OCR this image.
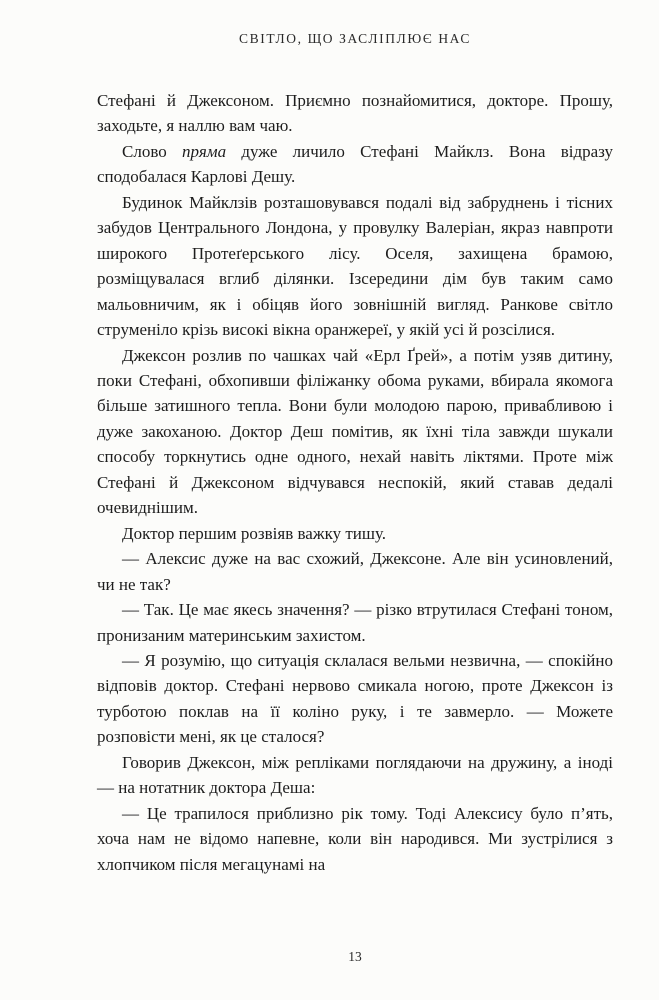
СВІТЛО, ЩО ЗАСЛІПЛЮЄ НАС

Стефані й Джексоном. Приємно познайомитися, докторе. Прошу, заходьте, я наллю вам чаю.

Слово пряма дуже личило Стефані Майклз. Вона відразу сподобалася Карлові Дешу.

Будинок Майклзів розташовувався подалі від забруднень і тісних забудов Центрального Лондона, у провулку Валеріан, якраз навпроти широкого Протеґерського лісу. Оселя, захищена брамою, розміщувалася вглиб ділянки. Ізсередини дім був таким само мальовничим, як і обіцяв його зовнішній вигляд. Ранкове світло струменіло крізь високі вікна оранжереї, у якій усі й розсілися.

Джексон розлив по чашках чай «Ерл Ґрей», а потім узяв дитину, поки Стефані, обхопивши філіжанку обома руками, вбирала якомога більше затишного тепла. Вони були молодою парою, привабливою і дуже закоханою. Доктор Деш помітив, як їхні тіла завжди шукали способу торкнутись одне одного, нехай навіть ліктями. Проте між Стефані й Джексоном відчувався неспокій, який ставав дедалі очевиднішим.

Доктор першим розвіяв важку тишу.

— Алексис дуже на вас схожий, Джексоне. Але він усиновлений, чи не так?

— Так. Це має якесь значення? — різко втрутилася Стефані тоном, пронизаним материнським захистом.

— Я розумію, що ситуація склалася вельми незвична, — спокійно відповів доктор. Стефані нервово смикала ногою, проте Джексон із турботою поклав на її коліно руку, і те завмерло. — Можете розповісти мені, як це сталося?

Говорив Джексон, між репліками поглядаючи на дружину, а іноді — на нотатник доктора Деша:

— Це трапилося приблизно рік тому. Тоді Алексису було п’ять, хоча нам не відомо напевне, коли він народився. Ми зустрілися з хлопчиком після мегацунамі на

13
